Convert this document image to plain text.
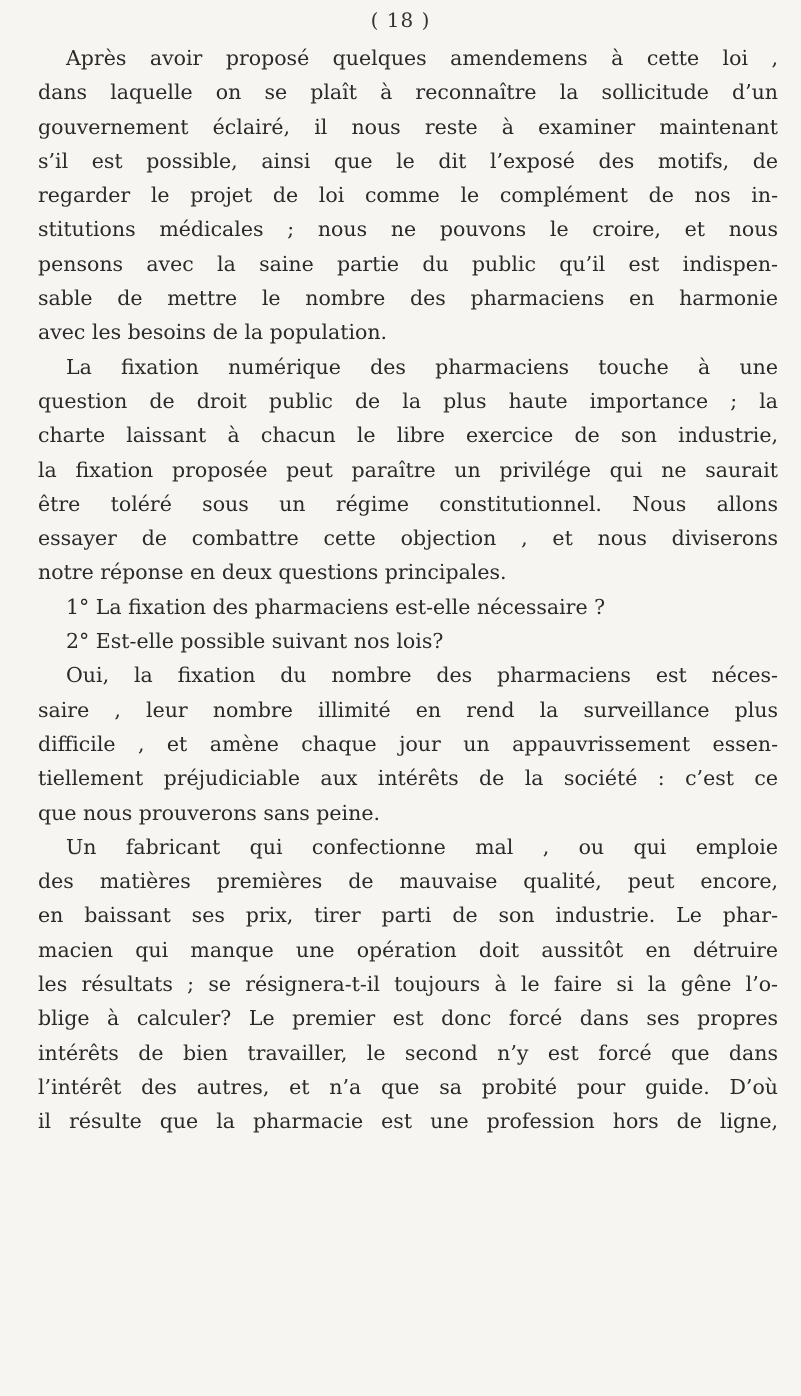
( 18 )
Après avoir proposé quelques amendemens à cette loi ,
dans laquelle on se plaît à reconnaître la sollicitude d’un
gouvernement éclairé, il nous reste à examiner maintenant
s’il est possible, ainsi que le dit l’exposé des motifs, de
regarder le projet de loi comme le complément de nos in-
stitutions médicales ; nous ne pouvons le croire, et nous
pensons avec la saine partie du public qu’il est indispen-
sable de mettre le nombre des pharmaciens en harmonie
avec les besoins de la population.
La fixation numérique des pharmaciens touche à une
question de droit public de la plus haute importance ; la
charte laissant à chacun le libre exercice de son industrie,
la fixation proposée peut paraître un privilége qui ne saurait
être toléré sous un régime constitutionnel. Nous allons
essayer de combattre cette objection , et nous diviserons
notre réponse en deux questions principales.
1° La fixation des pharmaciens est-elle nécessaire ?
2° Est-elle possible suivant nos lois?
Oui, la fixation du nombre des pharmaciens est néces-
saire , leur nombre illimité en rend la surveillance plus
difficile , et amène chaque jour un appauvrissement essen-
tiellement préjudiciable aux intérêts de la société : c’est ce
que nous prouverons sans peine.
Un fabricant qui confectionne mal , ou qui emploie
des matières premières de mauvaise qualité, peut encore,
en baissant ses prix, tirer parti de son industrie. Le phar-
macien qui manque une opération doit aussitôt en détruire
les résultats ; se résignera-t-il toujours à le faire si la gêne l’o-
blige à calculer? Le premier est donc forcé dans ses propres
intérêts de bien travailler, le second n’y est forcé que dans
l’intérêt des autres, et n’a que sa probité pour guide. D’où
il résulte que la pharmacie est une profession hors de ligne,
